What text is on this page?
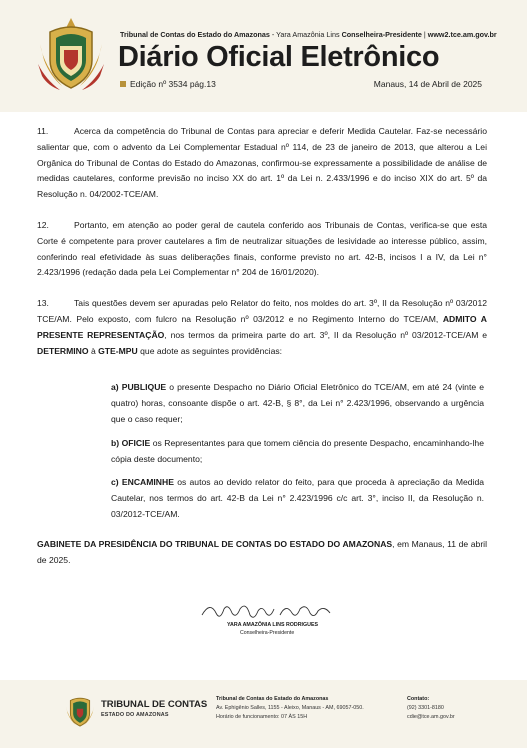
Tribunal de Contas do Estado do Amazonas - Yara Amazônia Lins Conselheira-Presidente | www2.tce.am.gov.br
Diário Oficial Eletrônico
Edição nº 3534 pág.13	Manaus, 14 de Abril de 2025

11.	Acerca da competência do Tribunal de Contas para apreciar e deferir Medida Cautelar. Faz-se necessário salientar que, com o advento da Lei Complementar Estadual nº 114, de 23 de janeiro de 2013, que alterou a Lei Orgânica do Tribunal de Contas do Estado do Amazonas, confirmou-se expressamente a possibilidade de análise de medidas cautelares, conforme previsão no inciso XX do art. 1º da Lei n. 2.433/1996 e do inciso XIX do art. 5º da Resolução n. 04/2002-TCE/AM.

12.	Portanto, em atenção ao poder geral de cautela conferido aos Tribunais de Contas, verifica-se que esta Corte é competente para prover cautelares a fim de neutralizar situações de lesividade ao interesse público, assim, conferindo real efetividade às suas deliberações finais, conforme previsto no art. 42-B, incisos I a IV, da Lei n° 2.423/1996 (redação dada pela Lei Complementar n° 204 de 16/01/2020).

13.	Tais questões devem ser apuradas pelo Relator do feito, nos moldes do art. 3º, II da Resolução nº 03/2012 TCE/AM. Pelo exposto, com fulcro na Resolução nº 03/2012 e no Regimento Interno do TCE/AM, ADMITO A PRESENTE REPRESENTAÇÃO, nos termos da primeira parte do art. 3º, II da Resolução nº 03/2012-TCE/AM e DETERMINO à GTE-MPU que adote as seguintes providências:

a) PUBLIQUE o presente Despacho no Diário Oficial Eletrônico do TCE/AM, em até 24 (vinte e quatro) horas, consoante dispõe o art. 42-B, § 8°, da Lei n° 2.423/1996, observando a urgência que o caso requer;
b) OFICIE os Representantes para que tomem ciência do presente Despacho, encaminhando-lhe cópia deste documento;
c) ENCAMINHE os autos ao devido relator do feito, para que proceda à apreciação da Medida Cautelar, nos termos do art. 42-B da Lei n° 2.423/1996 c/c art. 3°, inciso II, da Resolução n. 03/2012-TCE/AM.

GABINETE DA PRESIDÊNCIA DO TRIBUNAL DE CONTAS DO ESTADO DO AMAZONAS, em Manaus, 11 de abril de 2025.

YARA AMAZÔNIA LINS RODRIGUES
Conselheira-Presidente
TRIBUNAL DE CONTAS
ESTADO DO AMAZONAS
Tribunal de Contas do Estado do Amazonas
Av. Ephigênio Salles, 1155 - Aleixo, Manaus - AM, 69057-050.
Horário de funcionamento: 07 ÀS 15H
Contato:
(92) 3301-8180
cdie@tce.am.gov.br
